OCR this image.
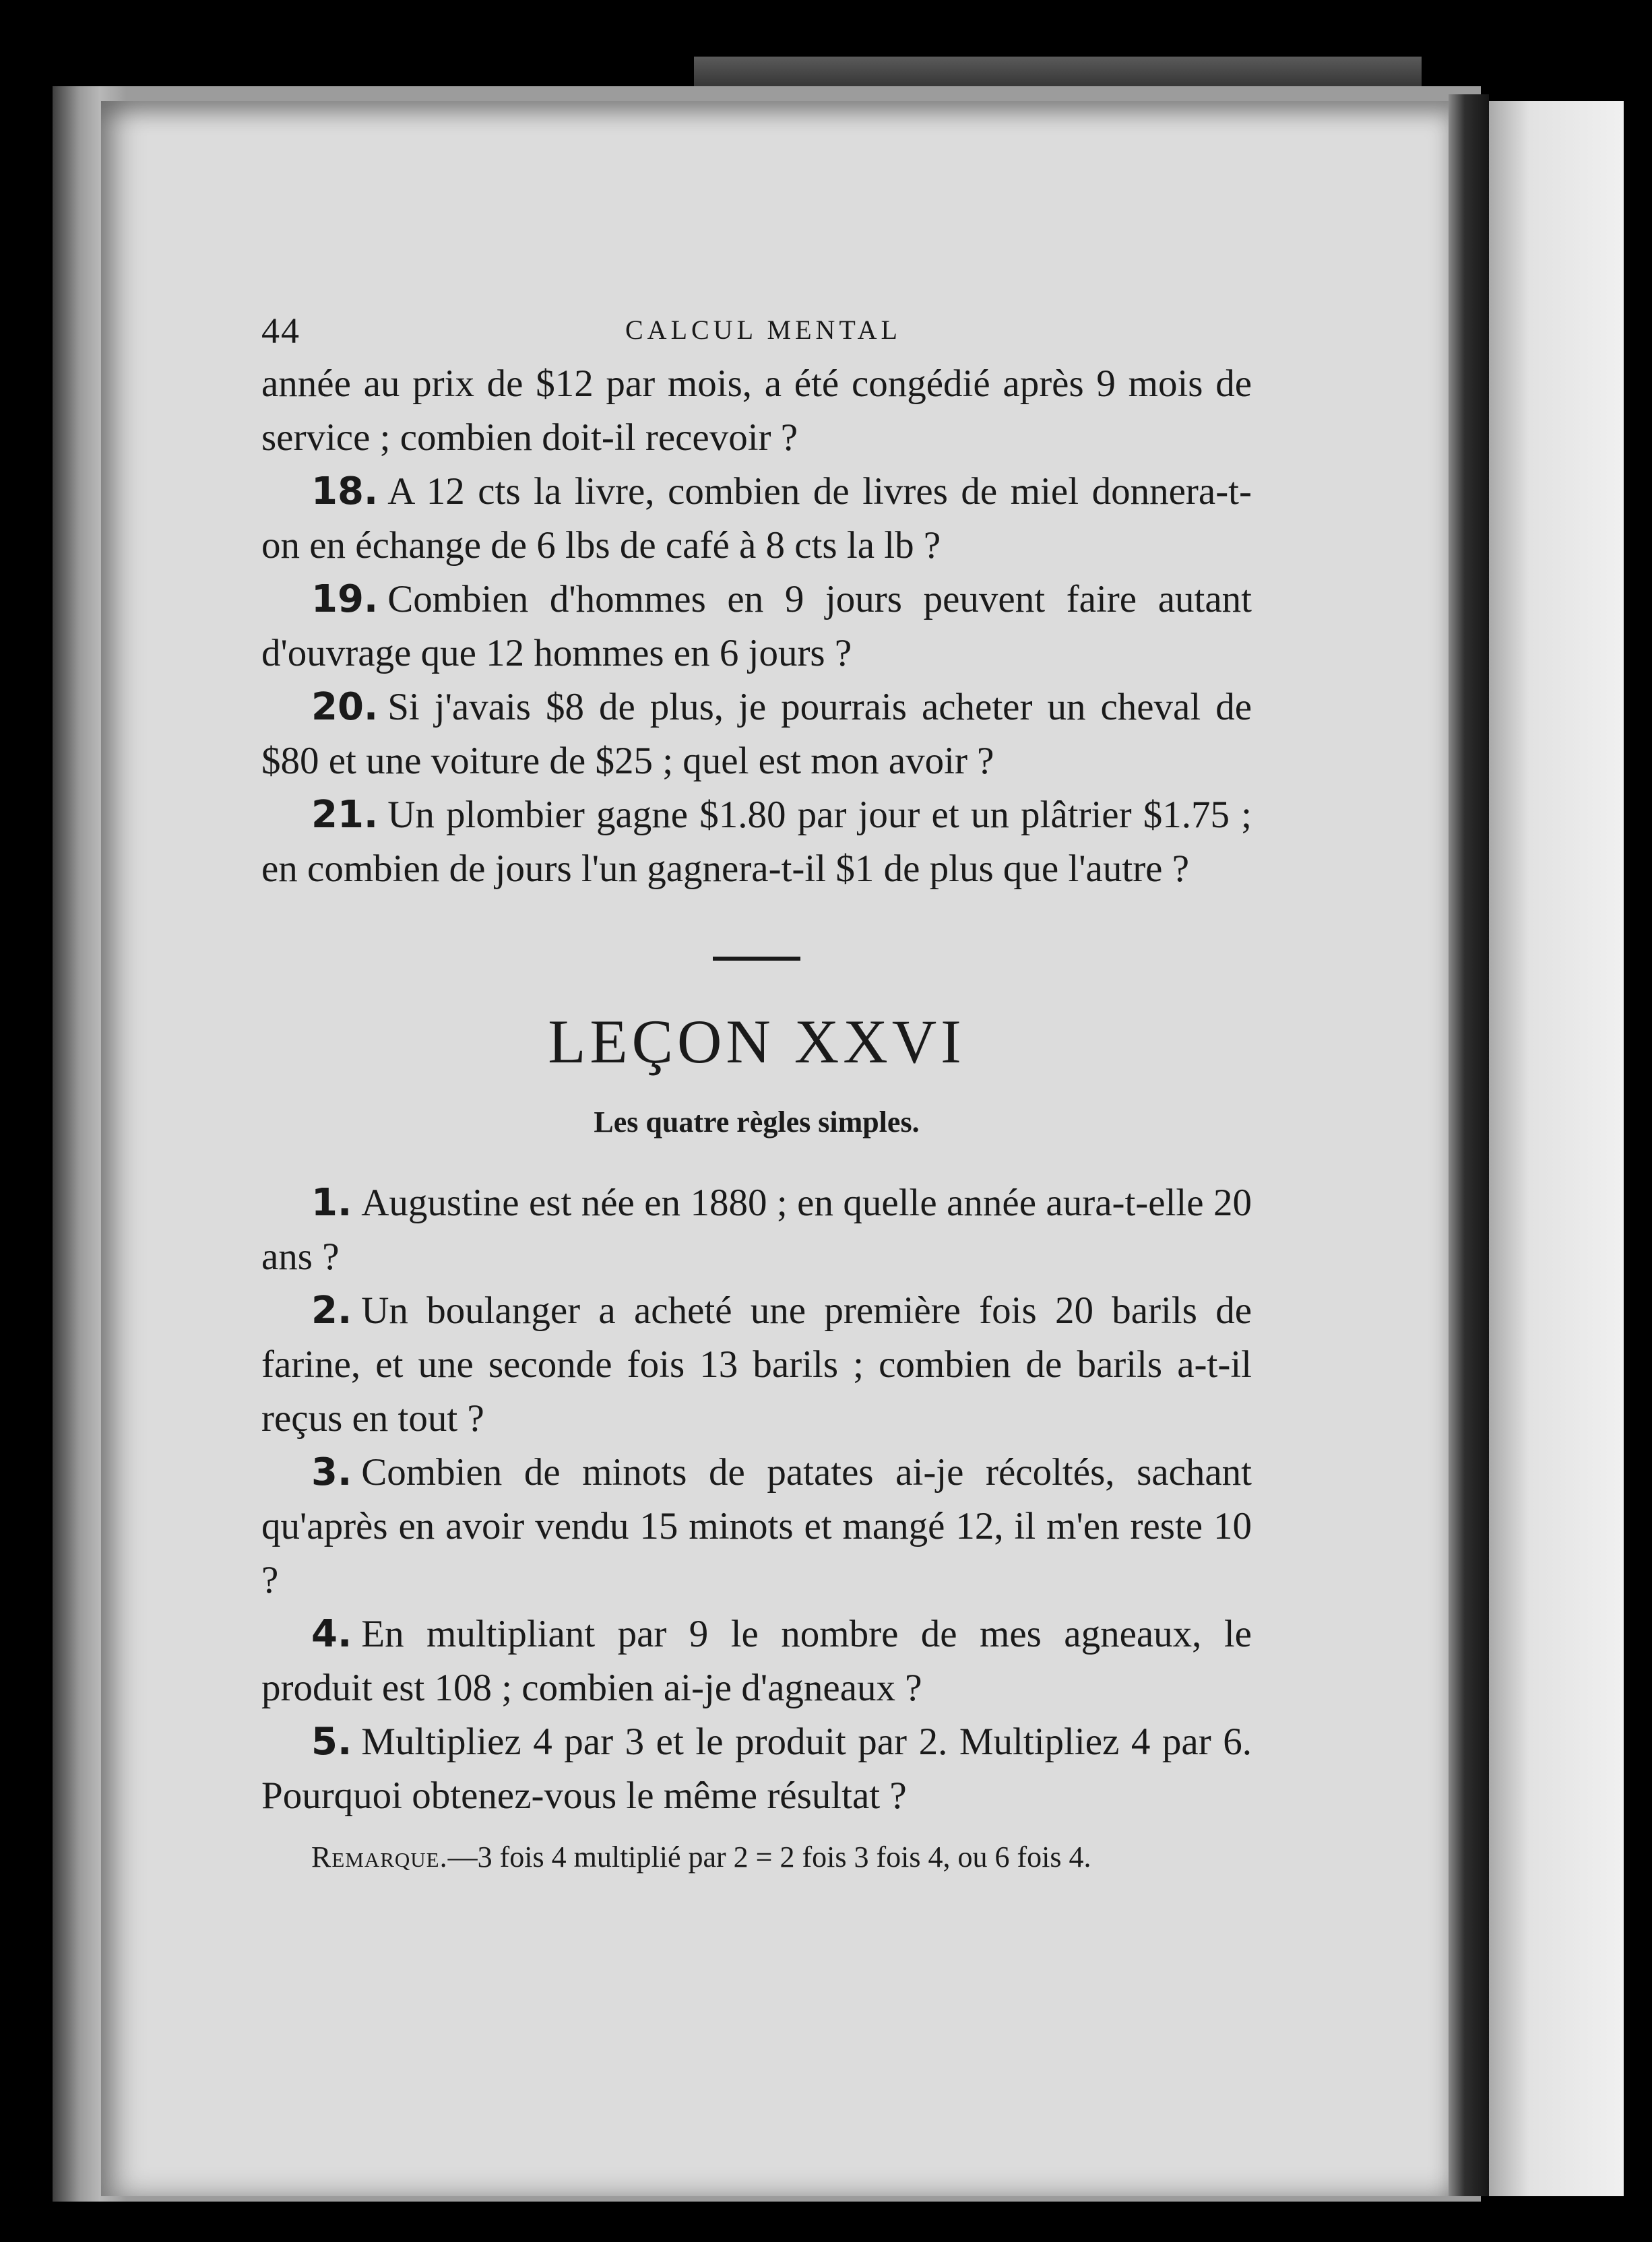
44	CALCUL MENTAL

année au prix de $12 par mois, a été congédié après 9 mois de service ; combien doit-il recevoir ?

18. A 12 cts la livre, combien de livres de miel donnera-t-on en échange de 6 lbs de café à 8 cts la lb ?

19. Combien d'hommes en 9 jours peuvent faire autant d'ouvrage que 12 hommes en 6 jours ?

20. Si j'avais $8 de plus, je pourrais acheter un cheval de $80 et une voiture de $25 ; quel est mon avoir ?

21. Un plombier gagne $1.80 par jour et un plâtrier $1.75 ; en combien de jours l'un gagnera-t-il $1 de plus que l'autre ?

LEÇON XXVI
Les quatre règles simples.

1. Augustine est née en 1880 ; en quelle année aura-t-elle 20 ans ?

2. Un boulanger a acheté une première fois 20 barils de farine, et une seconde fois 13 barils ; combien de barils a-t-il reçus en tout ?

3. Combien de minots de patates ai-je récoltés, sachant qu'après en avoir vendu 15 minots et mangé 12, il m'en reste 10 ?

4. En multipliant par 9 le nombre de mes agneaux, le produit est 108 ; combien ai-je d'agneaux ?

5. Multipliez 4 par 3 et le produit par 2. Multipliez 4 par 6. Pourquoi obtenez-vous le même résultat ?

Remarque.—3 fois 4 multiplié par 2 = 2 fois 3 fois 4, ou 6 fois 4.
